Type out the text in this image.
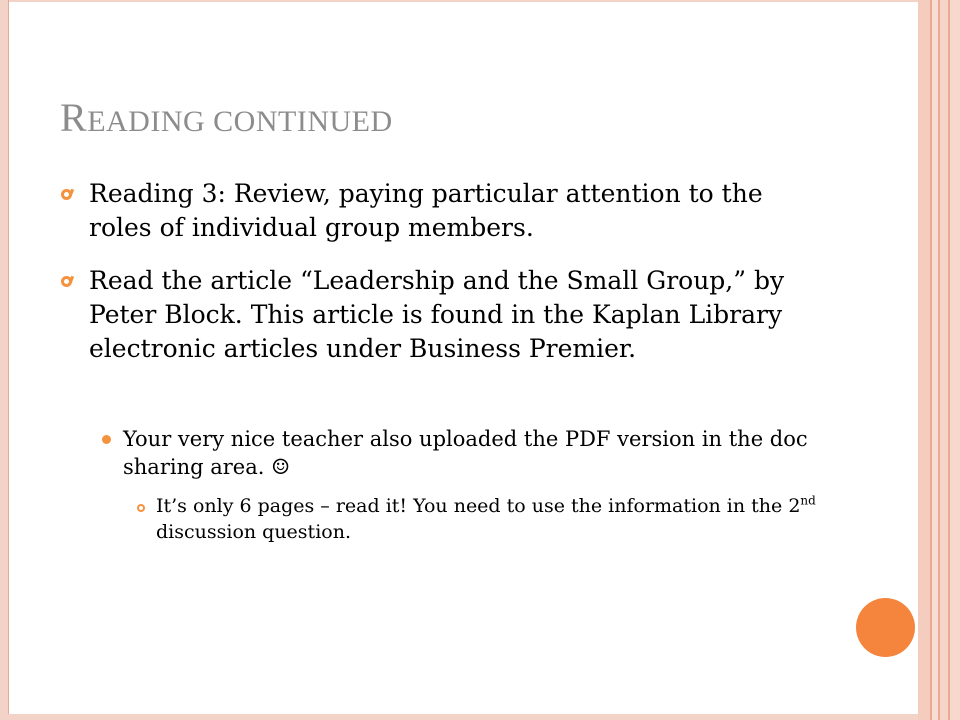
READING CONTINUED
Reading 3: Review, paying particular attention to the roles of individual group members.
Read the article “Leadership and the Small Group,” by Peter Block. This article is found in the Kaplan Library electronic articles under Business Premier.
Your very nice teacher also uploaded the PDF version in the doc sharing area. ☺
It’s only 6 pages – read it! You need to use the information in the 2nd discussion question.
